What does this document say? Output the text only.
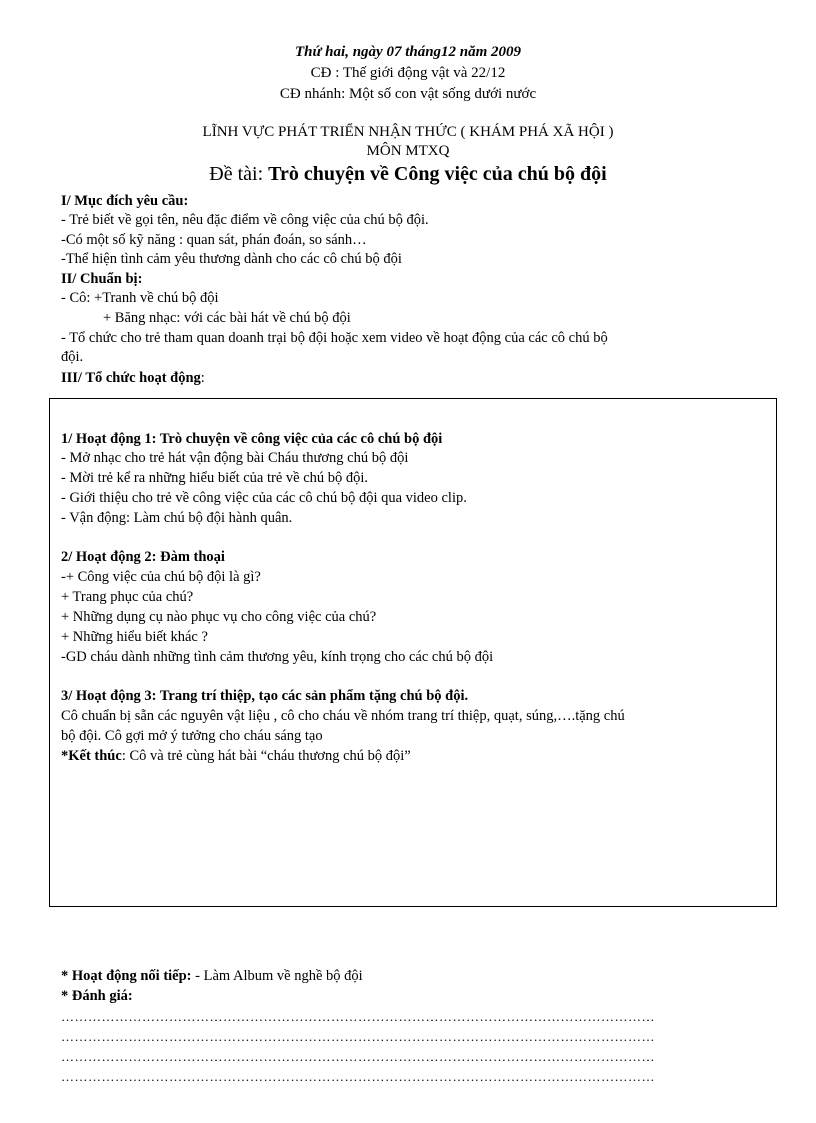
Thứ hai, ngày 07 tháng12 năm 2009
CĐ : Thế giới động vật và 22/12
CĐ nhánh: Một số con vật sống dưới nước
LĨNH VỰC PHÁT TRIỂN NHẬN THỨC ( KHÁM PHÁ XÃ HỘI )
MÔN MTXQ
Đề tài: Trò chuyện về Công việc của chú bộ đội
I/ Mục đích yêu cầu:
- Trẻ biết về gọi tên, nêu đặc điểm về công việc của chú bộ đội.
-Có một số kỹ năng : quan sát, phán đoán, so sánh…
-Thể hiện tình cảm yêu thương dành cho các cô chú bộ đội
II/ Chuẩn bị:
- Cô: +Tranh về chú bộ đội
+ Băng nhạc: với các bài hát về chú bộ đội
- Tổ chức cho trẻ tham quan doanh trại bộ đội hoặc xem video về hoạt động của các cô chú bộ
đội.
III/ Tổ chức hoạt động:
1/ Hoạt động 1: Trò chuyện về công việc của các cô chú bộ đội
- Mở nhạc cho trẻ hát vận động bài Cháu thương chú bộ đội
- Mời trẻ kể ra những hiểu biết của trẻ về chú bộ đội.
- Giới thiệu cho trẻ về công việc của các cô chú bộ đội qua video clip.
- Vận động: Làm chú bộ đội hành quân.
2/ Hoạt động 2: Đàm thoại
-+ Công việc của chú bộ đội là gì?
+ Trang phục của chú?
+ Những dụng cụ nào phục vụ cho công việc của chú?
+ Những hiểu biết khác ?
-GD cháu dành những tình cảm thương yêu, kính trọng cho các chú bộ đội
3/ Hoạt động 3: Trang trí thiệp, tạo các sản phẩm tặng chú bộ đội.
Cô chuẩn bị sẵn các nguyên vật liệu , cô cho cháu về nhóm trang trí thiệp, quạt, súng,….tặng chú
bộ đội. Cô gợi mở ý tưởng cho cháu sáng tạo
*Kết thúc: Cô và trẻ cùng hát bài “cháu thương chú bộ đội”
* Hoạt động nối tiếp: - Làm Album về nghề bộ đội
* Đánh giá:
……………………………………………………………………………………………………………………
……………………………………………………………………………………………………………………
……………………………………………………………………………………………………………………
……………………………………………………………………………………………………………………
